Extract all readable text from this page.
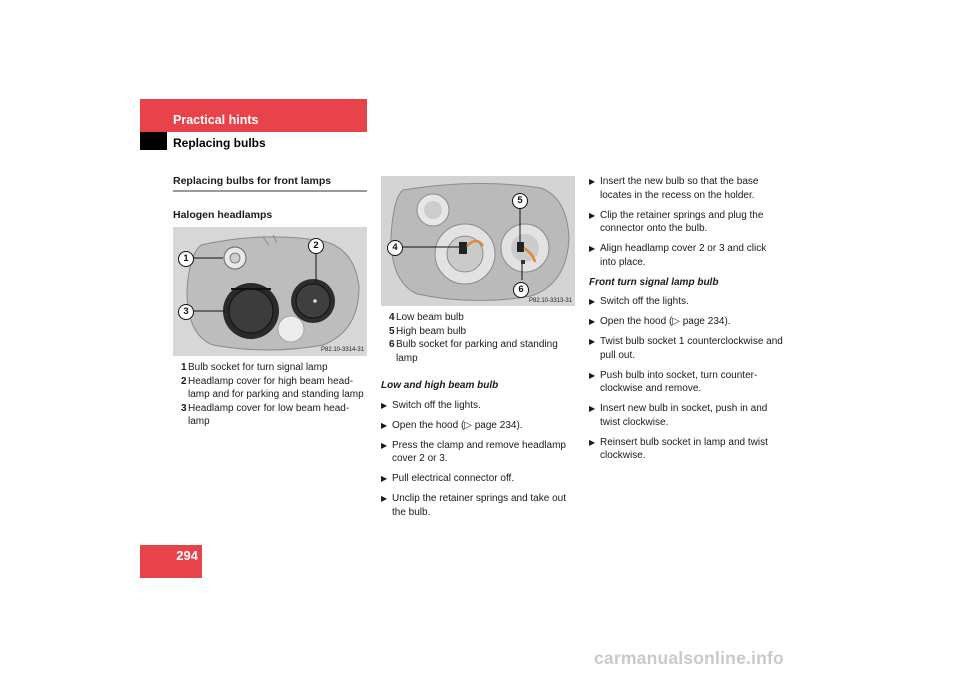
Practical hints
Replacing bulbs
Replacing bulbs for front lamps
Halogen headlamps
1
2
3
P82.10-3314-31
1 Bulb socket for turn signal lamp
2 Headlamp cover for high beam head-lamp and for parking and standing lamp
3 Headlamp cover for low beam head-lamp
4
5
6
P82.10-3313-31
4 Low beam bulb
5 High beam bulb
6 Bulb socket for parking and standing lamp
Low and high beam bulb
▶ Switch off the lights.
▶ Open the hood (▷ page 234).
▶ Press the clamp and remove headlamp cover 2 or 3.
▶ Pull electrical connector off.
▶ Unclip the retainer springs and take out the bulb.
▶ Insert the new bulb so that the base locates in the recess on the holder.
▶ Clip the retainer springs and plug the connector onto the bulb.
▶ Align headlamp cover 2 or 3 and click into place.
Front turn signal lamp bulb
▶ Switch off the lights.
▶ Open the hood (▷ page 234).
▶ Twist bulb socket 1 counterclockwise and pull out.
▶ Push bulb into socket, turn counter-clockwise and remove.
▶ Insert new bulb in socket, push in and twist clockwise.
▶ Reinsert bulb socket in lamp and twist clockwise.
294
carmanualsonline.info
